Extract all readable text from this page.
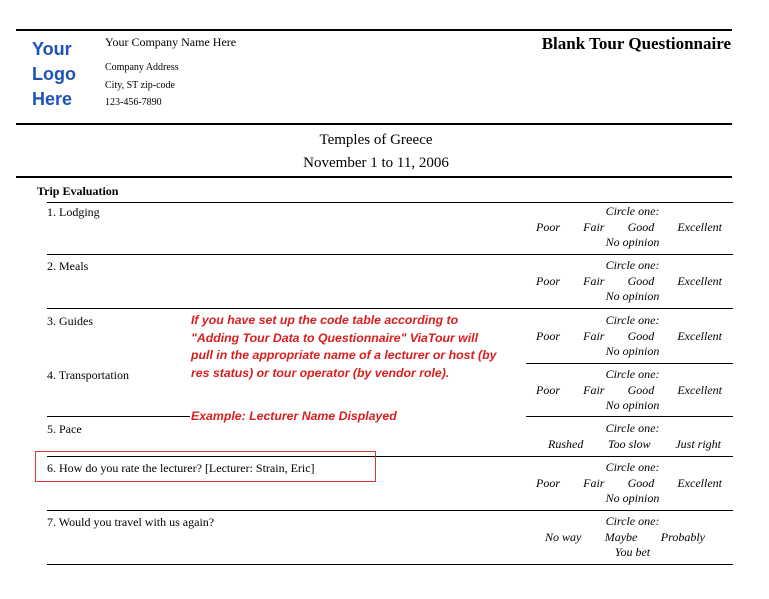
Your
Logo
Here
Your Company Name Here
Company Address
City, ST zip-code
123-456-7890
Blank Tour Questionnaire
Temples of Greece
November 1 to 11, 2006
Trip Evaluation
1. Lodging	Circle one:
Poor Fair Good Excellent
No opinion
2. Meals	Circle one:
Poor Fair Good Excellent
No opinion
3. Guides	Circle one:
Poor Fair Good Excellent
No opinion
4. Transportation	Circle one:
Poor Fair Good Excellent
No opinion
5. Pace	Circle one:
Rushed Too slow Just right
6. How do you rate the lecturer? [Lecturer: Strain, Eric]	Circle one:
Poor Fair Good Excellent
No opinion
7. Would you travel with us again?	Circle one:
No way Maybe Probably
You bet
If you have set up the code table according to
"Adding Tour Data to Questionnaire" ViaTour will
pull in the appropriate name of a lecturer or host (by
res status) or tour operator (by vendor role).
Example: Lecturer Name Displayed
